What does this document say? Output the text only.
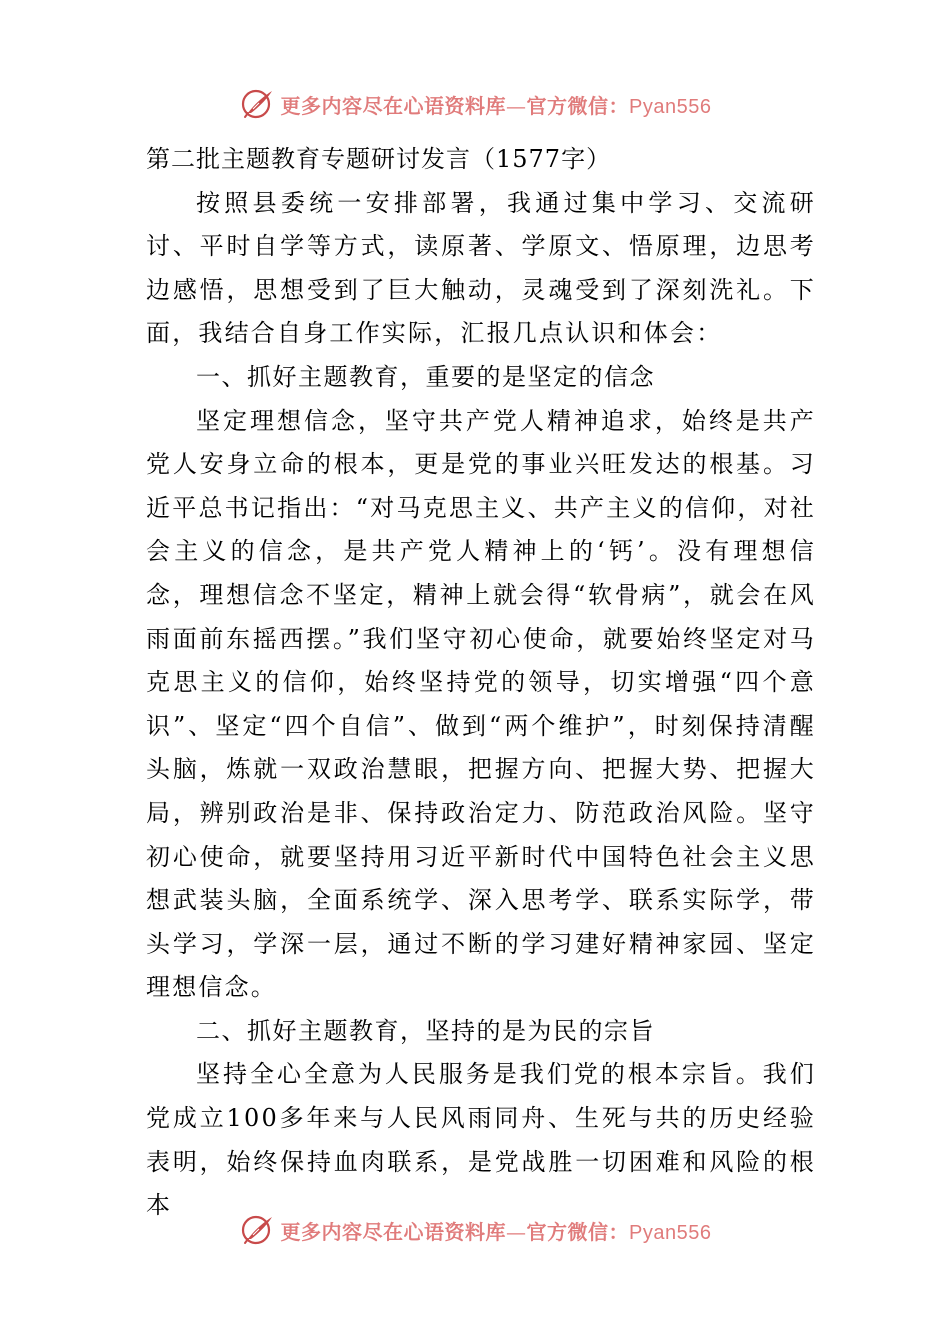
更多内容尽在心语资料库—官方微信：Pyan556

第二批主题教育专题研讨发言（1577字）

按照县委统一安排部署，我通过集中学习、交流研讨、平时自学等方式，读原著、学原文、悟原理，边思考边感悟，思想受到了巨大触动，灵魂受到了深刻洗礼。下面，我结合自身工作实际，汇报几点认识和体会：

一、抓好主题教育，重要的是坚定的信念

坚定理想信念，坚守共产党人精神追求，始终是共产党人安身立命的根本，更是党的事业兴旺发达的根基。习近平总书记指出：“对马克思主义、共产主义的信仰，对社会主义的信念，是共产党人精神上的‘钙’。没有理想信念，理想信念不坚定，精神上就会得“软骨病”，就会在风雨面前东摇西摆。”我们坚守初心使命，就要始终坚定对马克思主义的信仰，始终坚持党的领导，切实增强“四个意识”、坚定“四个自信”、做到“两个维护”，时刻保持清醒头脑，炼就一双政治慧眼，把握方向、把握大势、把握大局，辨别政治是非、保持政治定力、防范政治风险。坚守初心使命，就要坚持用习近平新时代中国特色社会主义思想武装头脑，全面系统学、深入思考学、联系实际学，带头学习，学深一层，通过不断的学习建好精神家园、坚定理想信念。

二、抓好主题教育，坚持的是为民的宗旨

坚持全心全意为人民服务是我们党的根本宗旨。我们党成立100多年来与人民风雨同舟、生死与共的历史经验表明，始终保持血肉联系，是党战胜一切困难和风险的根本

更多内容尽在心语资料库—官方微信：Pyan556
